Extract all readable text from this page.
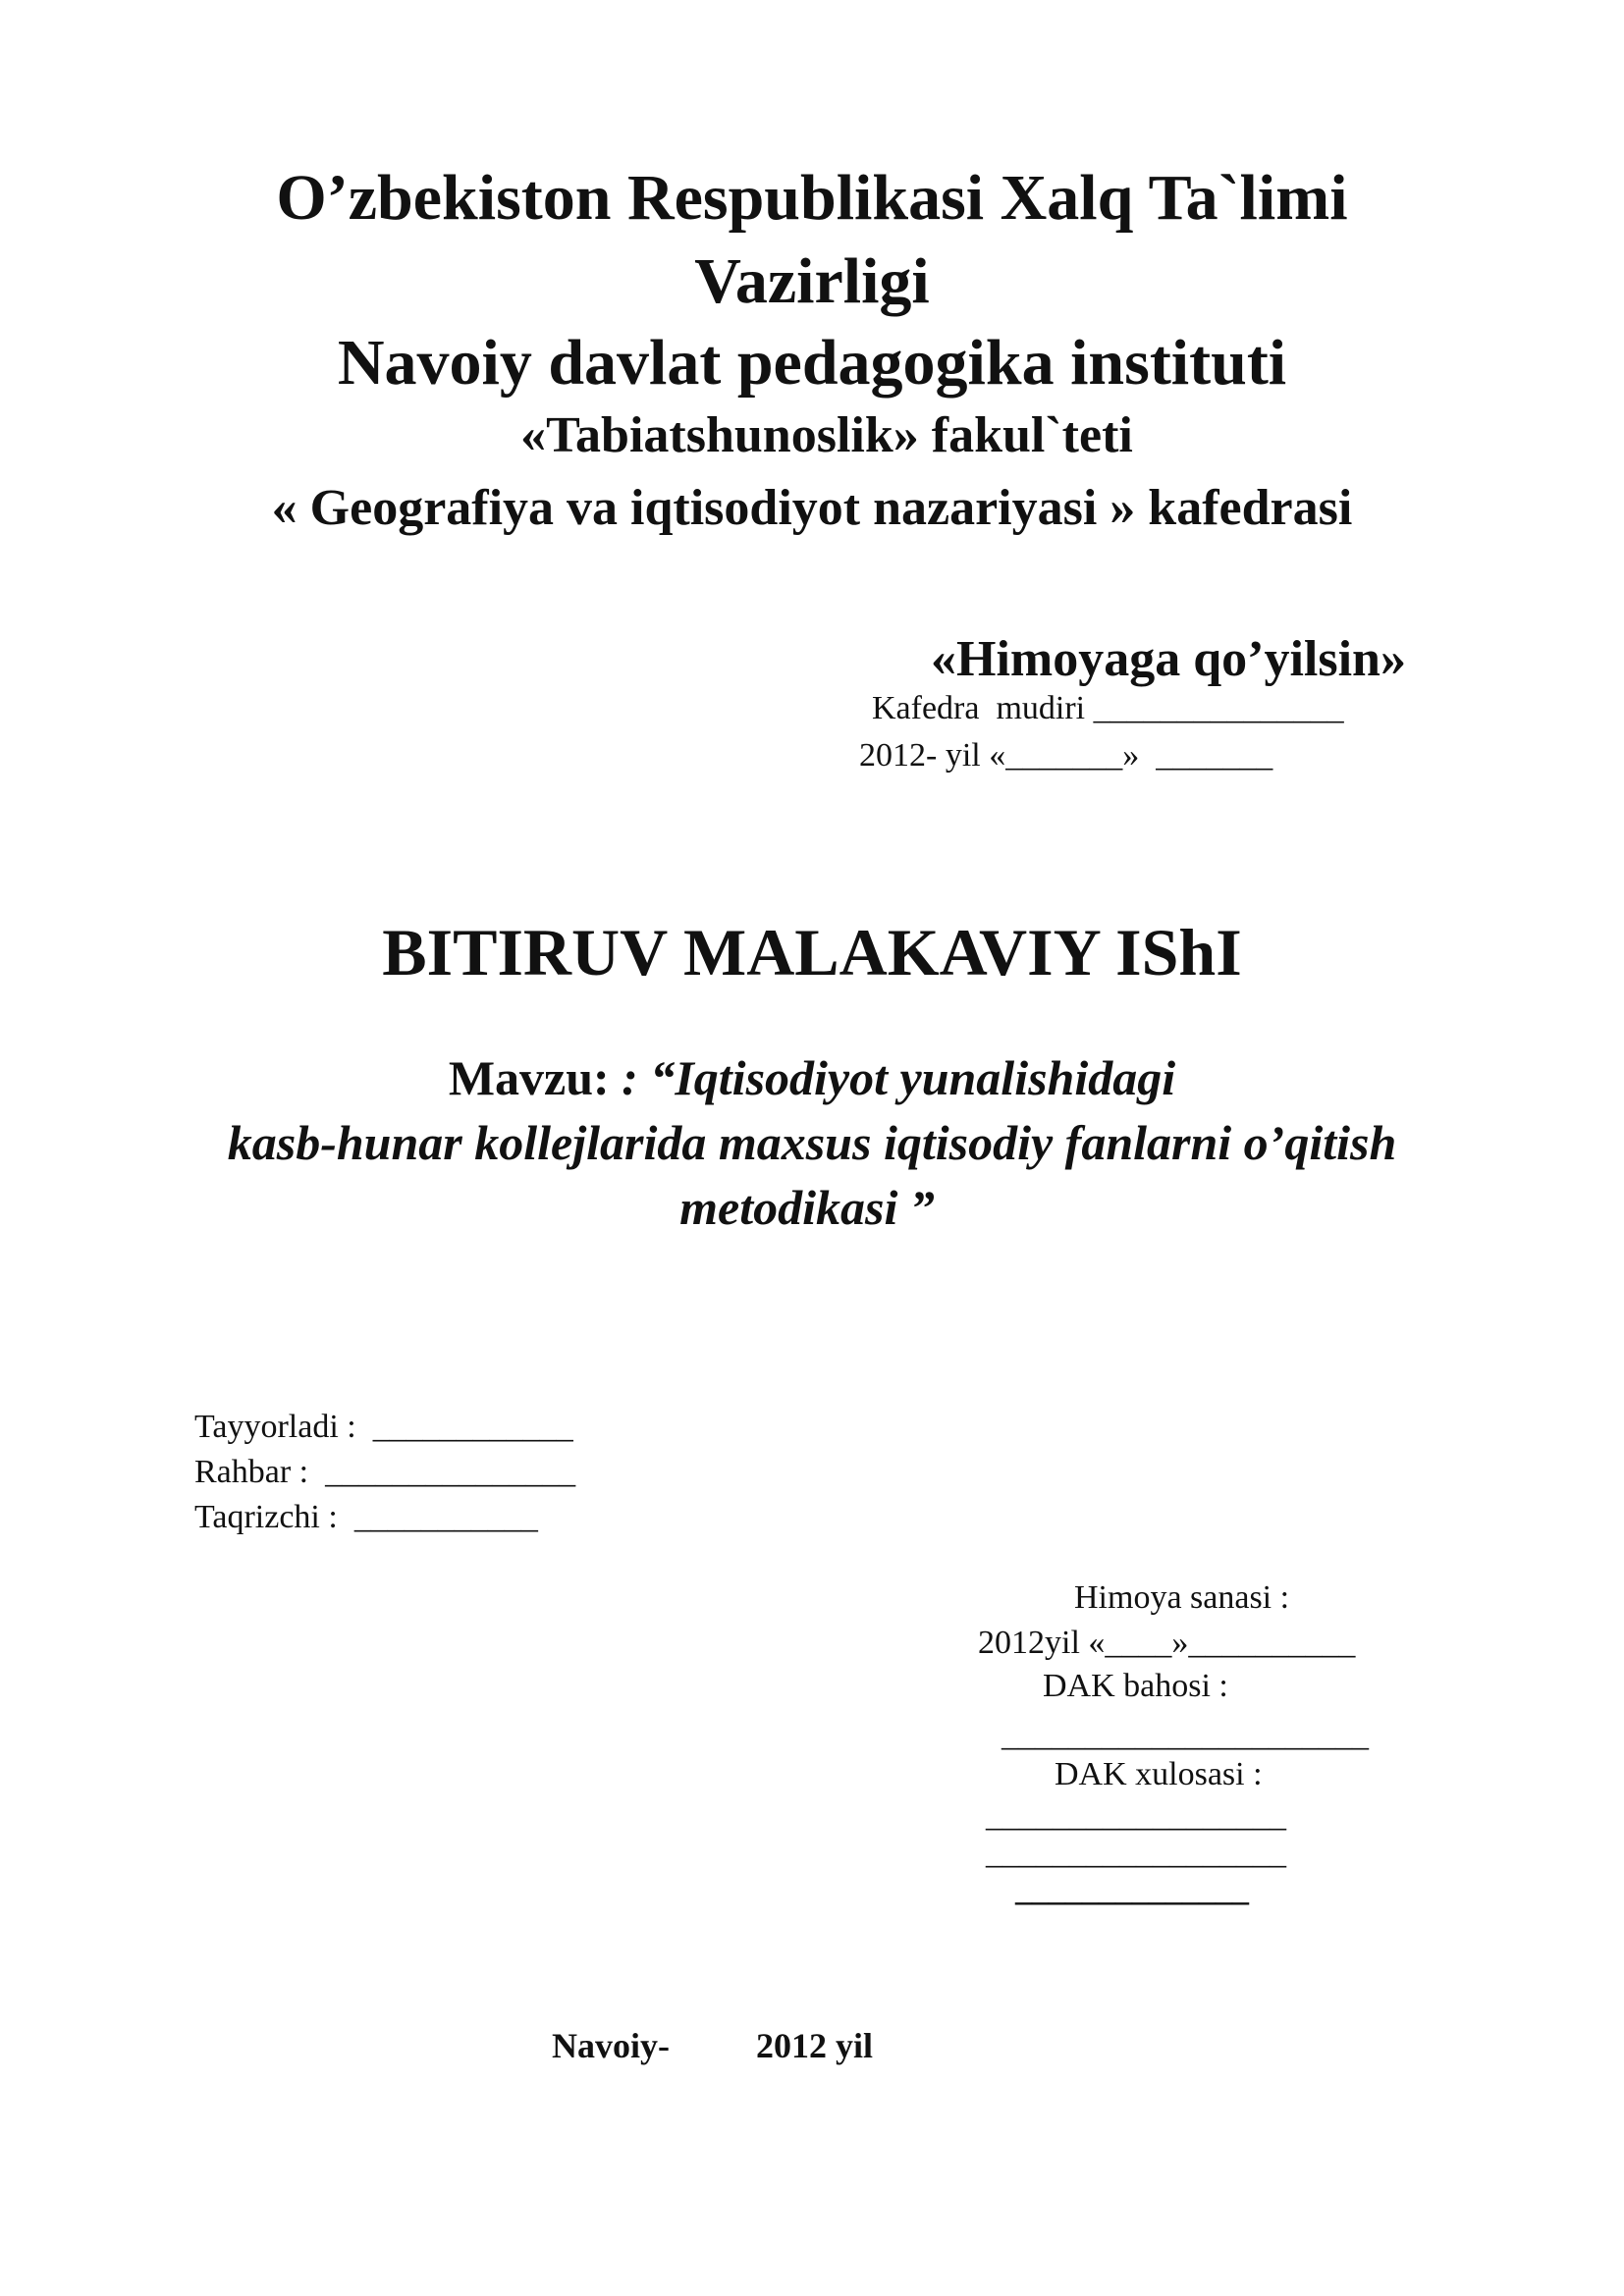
O’zbekiston Respublikasi Xalq Ta`limi
Vazirligi
Navoiy davlat pedagogika instituti
«Tabiatshunoslik» fakul`teti
« Geografiya va iqtisodiyot nazariyasi » kafedrasi
«Himoyaga qo’yilsin»
Kafedra  mudiri _______________
2012- yil «_______»  _______
BITIRUV MALAKAVIY IShI
Mavzu: : “Iqtisodiyot yunalishidagi
kasb-hunar kollejlarida maxsus iqtisodiy fanlarni o’qitish
metodikasi ”
Tayyorladi :  ____________
Rahbar :  _______________
Taqrizchi :  ___________
Himoya sanasi :
2012yil «____»__________
DAK bahosi :
______________________
DAK xulosasi :
__________________
__________________
______________
Navoiy- 2012 yil
